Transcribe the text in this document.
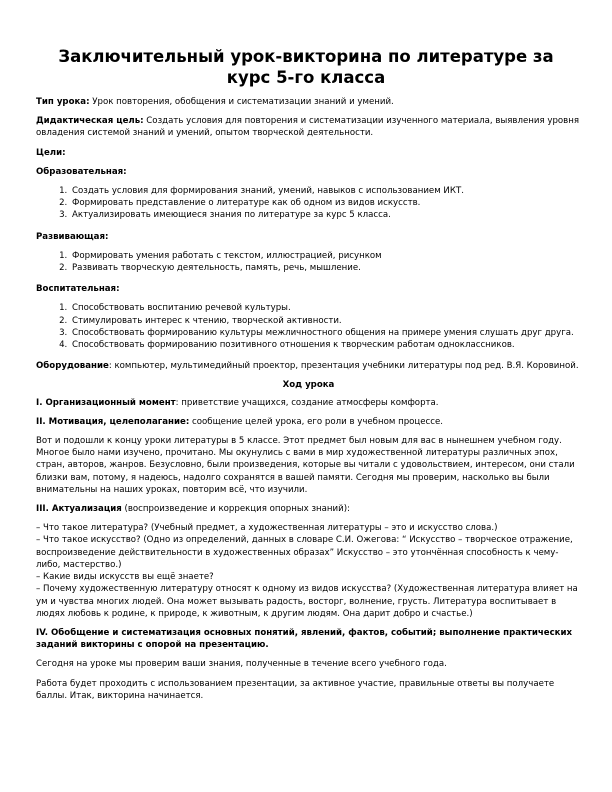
Заключительный урок-викторина по литературе за курс 5-го класса

Тип урока: Урок повторения, обобщения и систематизации знаний и умений.

Дидактическая цель: Создать условия для повторения и систематизации изученного материала, выявления уровня овладения системой знаний и умений, опытом творческой деятельности.

Цели:

Образовательная:

1. Создать условия для формирования знаний, умений, навыков с использованием ИКТ.
2. Формировать представление о литературе как об одном из видов искусств.
3. Актуализировать имеющиеся знания по литературе за курс 5 класса.

Развивающая:

1. Формировать умения работать с текстом, иллюстрацией, рисунком
2. Развивать творческую деятельность, память, речь, мышление.

Воспитательная:

1. Способствовать воспитанию речевой культуры.
2. Стимулировать интерес к чтению, творческой активности.
3. Способствовать формированию культуры межличностного общения на примере умения слушать друг друга.
4. Способствовать формированию позитивного отношения к творческим работам одноклассников.

Оборудование: компьютер, мультимедийный проектор, презентация учебники литературы под ред. В.Я. Коровиной.

Ход урока

I. Организационный момент: приветствие учащихся, создание атмосферы комфорта.

II. Мотивация, целеполагание: сообщение целей урока, его роли в учебном процессе.

Вот и подошли к концу уроки литературы в 5 классе. Этот предмет был новым для вас в нынешнем учебном году. Многое было нами изучено, прочитано. Мы окунулись с вами в мир художественной литературы различных эпох, стран, авторов, жанров. Безусловно, были произведения, которые вы читали с удовольствием, интересом, они стали близки вам, потому, я надеюсь, надолго сохранятся в вашей памяти. Сегодня мы проверим, насколько вы были внимательны на наших уроках, повторим всё, что изучили.

III. Актуализация (воспроизведение и коррекция опорных знаний):

– Что такое литература? (Учебный предмет, а художественная литературы – это и искусство слова.)

– Что такое искусство? (Одно из определений, данных в словаре С.И. Ожегова: “ Искусство – творческое отражение, воспроизведение действительности в художественных образах” Искусство – это утончённая способность к чему-либо, мастерство.)

– Какие виды искусств вы ещё знаете?

– Почему художественную литературу относят к одному из видов искусства? (Художественная литература влияет на ум и чувства многих людей. Она может вызывать радость, восторг, волнение, грусть. Литература воспитывает в людях любовь к родине, к природе, к животным, к другим людям. Она дарит добро и счастье.)

IV. Обобщение и систематизация основных понятий, явлений, фактов, событий; выполнение практических заданий викторины с опорой на презентацию.

Сегодня на уроке мы проверим ваши знания, полученные в течение всего учебного года.

Работа будет проходить с использованием презентации, за активное участие, правильные ответы вы получаете баллы. Итак, викторина начинается.
